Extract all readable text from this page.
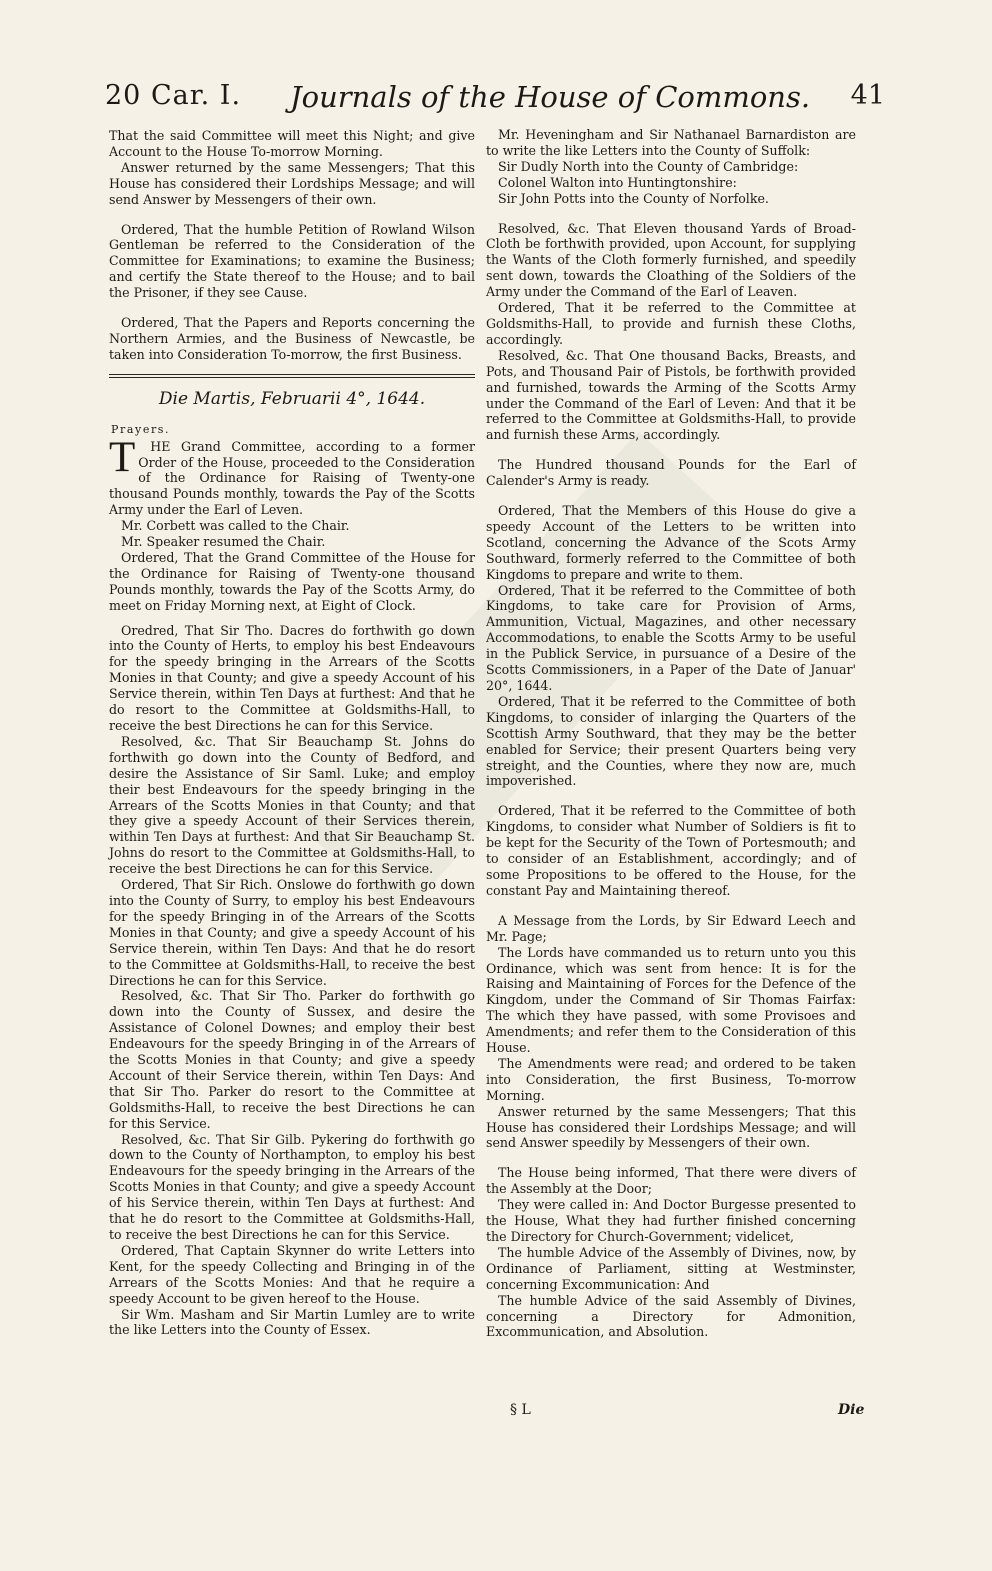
20 Car. I. Journals of the House of Commons. 41

That the said Committee will meet this Night; and give Account to the House To-morrow Morning.

Answer returned by the same Messengers; That this House has considered their Lordships Message; and will send Answer by Messengers of their own.

Ordered, That the humble Petition of Rowland Wilson Gentleman be referred to the Consideration of the Committee for Examinations; to examine the Business; and certify the State thereof to the House; and to bail the Prisoner, if they see Cause.

Ordered, That the Papers and Reports concerning the Northern Armies, and the Business of Newcastle, be taken into Consideration To-morrow, the first Business.

Die Martis, Februarii 4°, 1644.

Prayers.

T HE Grand Committee, according to a former Order of the House, proceeded to the Consideration of the Ordinance for Raising of Twenty-one thousand Pounds monthly, towards the Pay of the Scotts Army under the Earl of Leven.

Mr. Corbett was called to the Chair.

Mr. Speaker resumed the Chair.

Ordered, That the Grand Committee of the House for the Ordinance for Raising of Twenty-one thousand Pounds monthly, towards the Pay of the Scotts Army, do meet on Friday Morning next, at Eight of Clock.

Oredred, That Sir Tho. Dacres do forthwith go down into the County of Herts, to employ his best Endeavours for the speedy bringing in the Arrears of the Scotts Monies in that County; and give a speedy Account of his Service therein, within Ten Days at furthest: And that he do resort to the Committee at Goldsmiths-Hall, to receive the best Directions he can for this Service.

Resolved, &c. That Sir Beauchamp St. Johns do forthwith go down into the County of Bedford, and desire the Assistance of Sir Saml. Luke; and employ their best Endeavours for the speedy bringing in the Arrears of the Scotts Monies in that County; and that they give a speedy Account of their Services therein, within Ten Days at furthest: And that Sir Beauchamp St. Johns do resort to the Committee at Goldsmiths-Hall, to receive the best Directions he can for this Service.

Ordered, That Sir Rich. Onslowe do forthwith go down into the County of Surry, to employ his best Endeavours for the speedy Bringing in of the Arrears of the Scotts Monies in that County; and give a speedy Account of his Service therein, within Ten Days: And that he do resort to the Committee at Goldsmiths-Hall, to receive the best Directions he can for this Service.

Resolved, &c. That Sir Tho. Parker do forthwith go down into the County of Sussex, and desire the Assistance of Colonel Downes; and employ their best Endeavours for the speedy Bringing in of the Arrears of the Scotts Monies in that County; and give a speedy Account of their Service therein, within Ten Days: And that Sir Tho. Parker do resort to the Committee at Goldsmiths-Hall, to receive the best Directions he can for this Service.

Resolved, &c. That Sir Gilb. Pykering do forthwith go down to the County of Northampton, to employ his best Endeavours for the speedy bringing in the Arrears of the Scotts Monies in that County; and give a speedy Account of his Service therein, within Ten Days at furthest: And that he do resort to the Committee at Goldsmiths-Hall, to receive the best Directions he can for this Service.

Ordered, That Captain Skynner do write Letters into Kent, for the speedy Collecting and Bringing in of the Arrears of the Scotts Monies: And that he require a speedy Account to be given hereof to the House.

Sir Wm. Masham and Sir Martin Lumley are to write the like Letters into the County of Essex.

Mr. Heveningham and Sir Nathanael Barnardiston are to write the like Letters into the County of Suffolk:

Sir Dudly North into the County of Cambridge:

Colonel Walton into Huntingtonshire:

Sir John Potts into the County of Norfolke.

Resolved, &c. That Eleven thousand Yards of Broad-Cloth be forthwith provided, upon Account, for supplying the Wants of the Cloth formerly furnished, and speedily sent down, towards the Cloathing of the Soldiers of the Army under the Command of the Earl of Leaven.

Ordered, That it be referred to the Committee at Goldsmiths-Hall, to provide and furnish these Cloths, accordingly.

Resolved, &c. That One thousand Backs, Breasts, and Pots, and Thousand Pair of Pistols, be forthwith provided and furnished, towards the Arming of the Scotts Army under the Command of the Earl of Leven: And that it be referred to the Committee at Goldsmiths-Hall, to provide and furnish these Arms, accordingly.

The Hundred thousand Pounds for the Earl of Calender's Army is ready.

Ordered, That the Members of this House do give a speedy Account of the Letters to be written into Scotland, concerning the Advance of the Scots Army Southward, formerly referred to the Committee of both Kingdoms to prepare and write to them.

Ordered, That it be referred to the Committee of both Kingdoms, to take care for Provision of Arms, Ammunition, Victual, Magazines, and other necessary Accommodations, to enable the Scotts Army to be useful in the Publick Service, in pursuance of a Desire of the Scotts Commissioners, in a Paper of the Date of Januar' 20°, 1644.

Ordered, That it be referred to the Committee of both Kingdoms, to consider of inlarging the Quarters of the Scottish Army Southward, that they may be the better enabled for Service; their present Quarters being very streight, and the Counties, where they now are, much impoverished.

Ordered, That it be referred to the Committee of both Kingdoms, to consider what Number of Soldiers is fit to be kept for the Security of the Town of Portesmouth; and to consider of an Establishment, accordingly; and of some Propositions to be offered to the House, for the constant Pay and Maintaining thereof.

A Message from the Lords, by Sir Edward Leech and Mr. Page;

The Lords have commanded us to return unto you this Ordinance, which was sent from hence: It is for the Raising and Maintaining of Forces for the Defence of the Kingdom, under the Command of Sir Thomas Fairfax: The which they have passed, with some Provisoes and Amendments; and refer them to the Consideration of this House.

The Amendments were read; and ordered to be taken into Consideration, the first Business, To-morrow Morning.

Answer returned by the same Messengers; That this House has considered their Lordships Message; and will send Answer speedily by Messengers of their own.

The House being informed, That there were divers of the Assembly at the Door;

They were called in: And Doctor Burgesse presented to the House, What they had further finished concerning the Directory for Church-Government; videlicet,

The humble Advice of the Assembly of Divines, now, by Ordinance of Parliament, sitting at Westminster, concerning Excommunication: And

The humble Advice of the said Assembly of Divines, concerning a Directory for Admonition, Excommunication, and Absolution.

§ L	Die
